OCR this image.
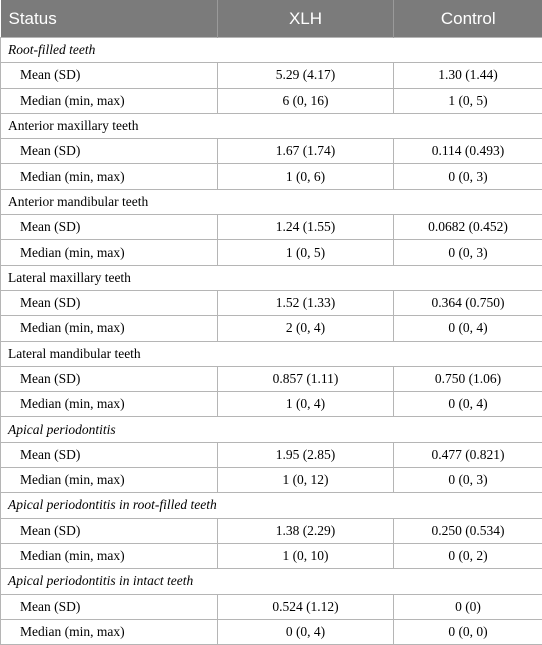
Status	XLH	Control
Root-filled teeth		
Mean (SD)	5.29 (4.17)	1.30 (1.44)
Median (min, max)	6 (0, 16)	1 (0, 5)
Anterior maxillary teeth		
Mean (SD)	1.67 (1.74)	0.114 (0.493)
Median (min, max)	1 (0, 6)	0 (0, 3)
Anterior mandibular teeth		
Mean (SD)	1.24 (1.55)	0.0682 (0.452)
Median (min, max)	1 (0, 5)	0 (0, 3)
Lateral maxillary teeth		
Mean (SD)	1.52 (1.33)	0.364 (0.750)
Median (min, max)	2 (0, 4)	0 (0, 4)
Lateral mandibular teeth		
Mean (SD)	0.857 (1.11)	0.750 (1.06)
Median (min, max)	1 (0, 4)	0 (0, 4)
Apical periodontitis		
Mean (SD)	1.95 (2.85)	0.477 (0.821)
Median (min, max)	1 (0, 12)	0 (0, 3)
Apical periodontitis in root-filled teeth		
Mean (SD)	1.38 (2.29)	0.250 (0.534)
Median (min, max)	1 (0, 10)	0 (0, 2)
Apical periodontitis in intact teeth		
Mean (SD)	0.524 (1.12)	0 (0)
Median (min, max)	0 (0, 4)	0 (0, 0)
